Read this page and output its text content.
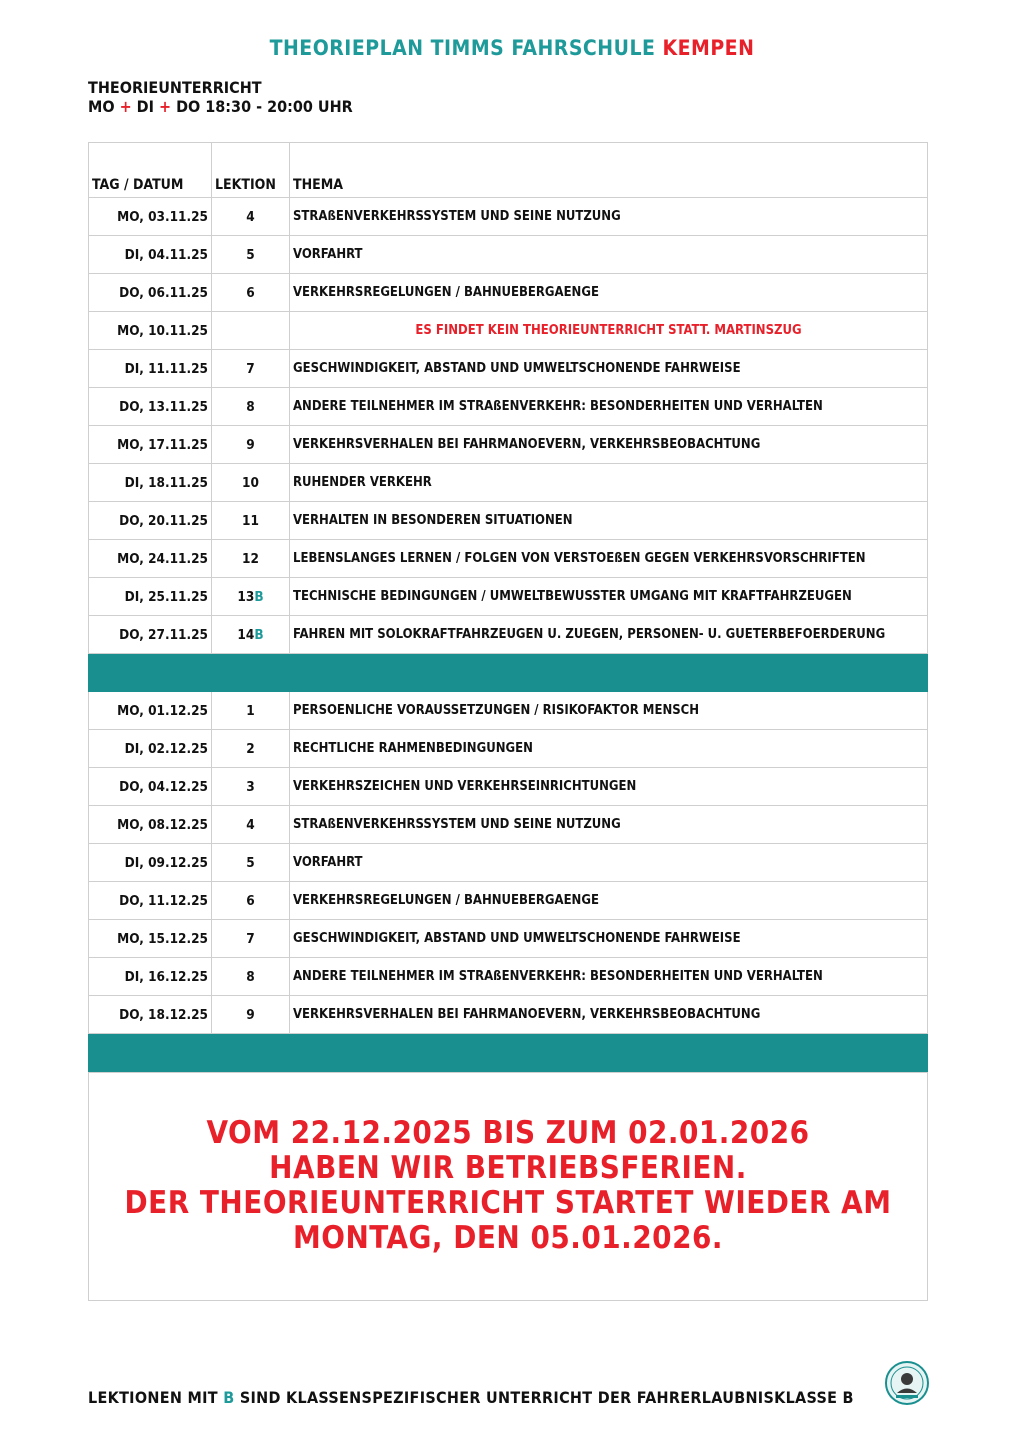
THEORIEPLAN TIMMS FAHRSCHULE KEMPEN
THEORIEUNTERRICHT
MO + DI + DO 18:30 - 20:00 UHR
TAG / DATUM	LEKTION	THEMA
MO, 03.11.25	4	STRAßENVERKEHRSSYSTEM UND SEINE NUTZUNG
DI, 04.11.25	5	VORFAHRT
DO, 06.11.25	6	VERKEHRSREGELUNGEN / BAHNUEBERGAENGE
MO, 10.11.25		ES FINDET KEIN THEORIEUNTERRICHT STATT. MARTINSZUG
DI, 11.11.25	7	GESCHWINDIGKEIT, ABSTAND UND UMWELTSCHONENDE FAHRWEISE
DO, 13.11.25	8	ANDERE TEILNEHMER IM STRAßENVERKEHR: BESONDERHEITEN UND VERHALTEN
MO, 17.11.25	9	VERKEHRSVERHALEN BEI FAHRMANOEVERN, VERKEHRSBEOBACHTUNG
DI, 18.11.25	10	RUHENDER VERKEHR
DO, 20.11.25	11	VERHALTEN IN BESONDEREN SITUATIONEN
MO, 24.11.25	12	LEBENSLANGES LERNEN / FOLGEN VON VERSTOEßEN GEGEN VERKEHRSVORSCHRIFTEN
DI, 25.11.25	13B	TECHNISCHE BEDINGUNGEN / UMWELTBEWUSSTER UMGANG MIT KRAFTFAHRZEUGEN
DO, 27.11.25	14B	FAHREN MIT SOLOKRAFTFAHRZEUGEN U. ZUEGEN, PERSONEN- U. GUETERBEFOERDERUNG

MO, 01.12.25	1	PERSOENLICHE VORAUSSETZUNGEN / RISIKOFAKTOR MENSCH
DI, 02.12.25	2	RECHTLICHE RAHMENBEDINGUNGEN
DO, 04.12.25	3	VERKEHRSZEICHEN UND VERKEHRSEINRICHTUNGEN
MO, 08.12.25	4	STRAßENVERKEHRSSYSTEM UND SEINE NUTZUNG
DI, 09.12.25	5	VORFAHRT
DO, 11.12.25	6	VERKEHRSREGELUNGEN / BAHNUEBERGAENGE
MO, 15.12.25	7	GESCHWINDIGKEIT, ABSTAND UND UMWELTSCHONENDE FAHRWEISE
DI, 16.12.25	8	ANDERE TEILNEHMER IM STRAßENVERKEHR: BESONDERHEITEN UND VERHALTEN
DO, 18.12.25	9	VERKEHRSVERHALEN BEI FAHRMANOEVERN, VERKEHRSBEOBACHTUNG

VOM 22.12.2025 BIS ZUM 02.01.2026
HABEN WIR BETRIEBSFERIEN.
DER THEORIEUNTERRICHT STARTET WIEDER AM
MONTAG, DEN 05.01.2026.
LEKTIONEN MIT B SIND KLASSENSPEZIFISCHER UNTERRICHT DER FAHRERLAUBNISKLASSE B
